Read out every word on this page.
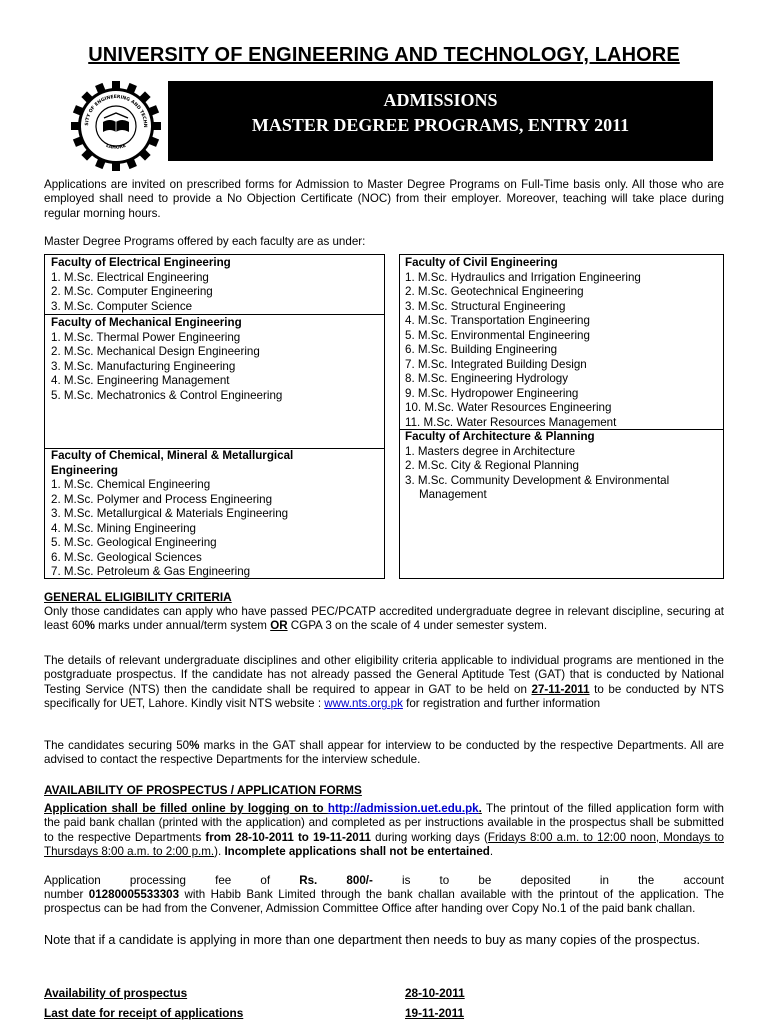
UNIVERSITY OF ENGINEERING AND TECHNOLOGY, LAHORE
SITY OF ENGINEERING AND TECHN
LAHORE
ADMISSIONS
MASTER DEGREE PROGRAMS, ENTRY 2011
Applications are invited on prescribed forms for Admission to Master Degree Programs on Full-Time basis only. All those who are employed shall need to provide a No Objection Certificate (NOC) from their employer. Moreover, teaching will take place during regular morning hours.
Master Degree Programs offered by each faculty are as under:
Faculty of Electrical Engineering
1. M.Sc. Electrical Engineering
2. M.Sc. Computer Engineering
3. M.Sc. Computer Science
Faculty of Mechanical Engineering
1. M.Sc. Thermal Power Engineering
2. M.Sc. Mechanical Design Engineering
3. M.Sc. Manufacturing Engineering
4. M.Sc. Engineering Management
5. M.Sc. Mechatronics & Control Engineering
Faculty of Chemical, Mineral & Metallurgical
Engineering
1. M.Sc. Chemical Engineering
2. M.Sc. Polymer and Process Engineering
3. M.Sc. Metallurgical & Materials Engineering
4. M.Sc. Mining Engineering
5. M.Sc. Geological Engineering
6. M.Sc. Geological Sciences
7. M.Sc. Petroleum & Gas Engineering
Faculty of Civil Engineering
1. M.Sc. Hydraulics and Irrigation Engineering
2. M.Sc. Geotechnical Engineering
3. M.Sc. Structural Engineering
4. M.Sc. Transportation Engineering
5. M.Sc. Environmental Engineering
6. M.Sc. Building Engineering
7. M.Sc. Integrated Building Design
8. M.Sc. Engineering Hydrology
9. M.Sc. Hydropower Engineering
10. M.Sc. Water Resources Engineering
11. M.Sc. Water Resources Management
Faculty of Architecture & Planning
1. Masters degree in Architecture
2. M.Sc. City & Regional Planning
3. M.Sc. Community Development & Environmental
Management
GENERAL ELIGIBILITY CRITERIA
Only those candidates can apply who have passed PEC/PCATP accredited undergraduate degree in relevant discipline, securing at least 60% marks under annual/term system OR CGPA 3 on the scale of 4 under semester system.
The details of relevant undergraduate disciplines and other eligibility criteria applicable to individual programs are mentioned in the postgraduate prospectus. If the candidate has not already passed the General Aptitude Test (GAT) that is conducted by National Testing Service (NTS) then the candidate shall be required to appear in GAT to be held on 27-11-2011 to be conducted by NTS specifically for UET, Lahore. Kindly visit NTS website : www.nts.org.pk for registration and further information
The candidates securing 50% marks in the GAT shall appear for interview to be conducted by the respective Departments. All are advised to contact the respective Departments for the interview schedule.
AVAILABILITY OF PROSPECTUS / APPLICATION FORMS
Application shall be filled online by logging on to http://admission.uet.edu.pk. The printout of the filled application form with the paid bank challan (printed with the application) and completed as per instructions available in the prospectus shall be submitted to the respective Departments from 28-10-2011 to 19-11-2011 during working days (Fridays 8:00 a.m. to 12:00 noon, Mondays to Thursdays 8:00 a.m. to 2:00 p.m.). Incomplete applications shall not be entertained.
Application	processing	fee	of	Rs.	800/-	is	to	be	deposited	in	the	account
number 01280005533303 with Habib Bank Limited through the bank challan available with the printout of the application. The prospectus can be had from the Convener, Admission Committee Office after handing over Copy No.1 of the paid bank challan.
Note that if a candidate is applying in more than one department then needs to buy as many copies of the prospectus.
Availability of prospectus	28-10-2011
Last date for receipt of applications	19-11-2011
